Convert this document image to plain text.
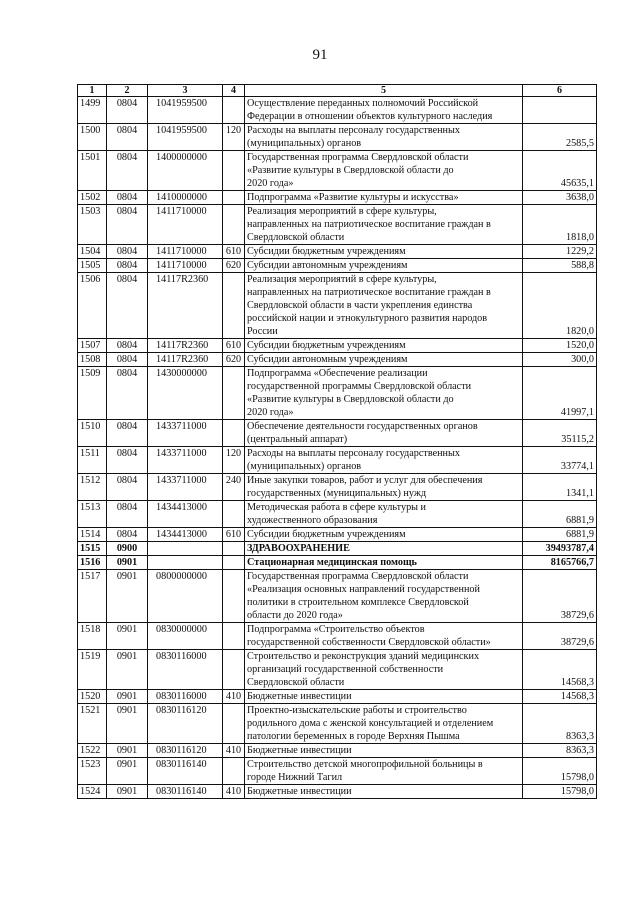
91
1	2	3	4	5	6
1499	0804	1041959500		Осуществление переданных полномочий Российской
Федерации в отношении объектов культурного наследия	

1500	0804	1041959500	120	Расходы на выплаты персоналу государственных
(муниципальных) органов	2585,5
1501	0804	1400000000		Государственная программа Свердловской области
«Развитие культуры в Свердловской области до
2020 года»	45635,1
1502	0804	1410000000		Подпрограмма «Развитие культуры и искусства»	3638,0
1503	0804	1411710000		Реализация мероприятий в сфере культуры,
направленных на патриотическое воспитание граждан в
Свердловской области	1818,0
1504	0804	1411710000	610	Субсидии бюджетным учреждениям	1229,2
1505	0804	1411710000	620	Субсидии автономным учреждениям	588,8
1506	0804	14117R2360		Реализация мероприятий в сфере культуры,
направленных на патриотическое воспитание граждан в
Свердловской области в части укрепления единства
российской нации и этнокультурного развития народов
России	1820,0
1507	0804	14117R2360	610	Субсидии бюджетным учреждениям	1520,0
1508	0804	14117R2360	620	Субсидии автономным учреждениям	300,0
1509	0804	1430000000		Подпрограмма «Обеспечение реализации
государственной программы Свердловской области
«Развитие культуры в Свердловской области до
2020 года»	41997,1
1510	0804	1433711000		Обеспечение деятельности государственных органов
(центральный аппарат)	35115,2
1511	0804	1433711000	120	Расходы на выплаты персоналу государственных
(муниципальных) органов	33774,1
1512	0804	1433711000	240	Иные закупки товаров, работ и услуг для обеспечения
государственных (муниципальных) нужд	1341,1
1513	0804	1434413000		Методическая работа в сфере культуры и
художественного образования	6881,9
1514	0804	1434413000	610	Субсидии бюджетным учреждениям	6881,9
1515	0900			ЗДРАВООХРАНЕНИЕ	39493787,4
1516	0901			Стационарная медицинская помощь	8165766,7
1517	0901	0800000000		Государственная программа Свердловской области
«Реализация основных направлений государственной
политики в строительном комплексе Свердловской
области до 2020 года»	38729,6
1518	0901	0830000000		Подпрограмма «Строительство объектов
государственной собственности Свердловской области»	38729,6
1519	0901	0830116000		Строительство и реконструкция зданий медицинских
организаций государственной собственности
Свердловской области	14568,3
1520	0901	0830116000	410	Бюджетные инвестиции	14568,3
1521	0901	0830116120		Проектно-изыскательские работы и строительство
родильного дома с женской консультацией и отделением
патологии беременных в городе Верхняя Пышма	8363,3
1522	0901	0830116120	410	Бюджетные инвестиции	8363,3
1523	0901	0830116140		Строительство детской многопрофильной больницы в
городе Нижний Тагил	15798,0
1524	0901	0830116140	410	Бюджетные инвестиции	15798,0
